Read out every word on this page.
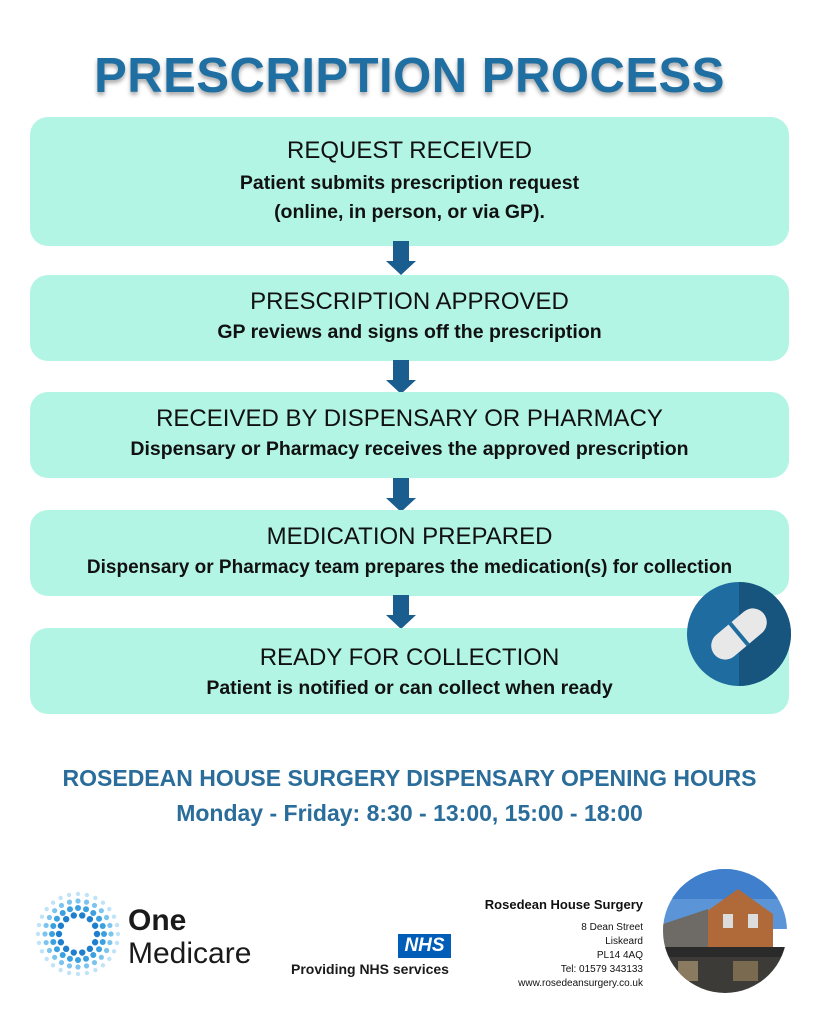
PRESCRIPTION PROCESS
REQUEST RECEIVED
Patient submits prescription request
(online, in person, or via GP).
PRESCRIPTION APPROVED
GP reviews and signs off the prescription
RECEIVED BY DISPENSARY OR PHARMACY
Dispensary or Pharmacy receives the approved prescription
MEDICATION PREPARED
Dispensary or Pharmacy team prepares the medication(s) for collection
READY FOR COLLECTION
Patient is notified or can collect when ready
ROSEDEAN HOUSE SURGERY DISPENSARY OPENING HOURS
Monday - Friday: 8:30 - 13:00, 15:00 - 18:00
One
Medicare	NHS
Providing NHS services
Rosedean House Surgery
8 Dean Street
Liskeard
PL14 4AQ
Tel: 01579 343133
www.rosedeansurgery.co.uk
